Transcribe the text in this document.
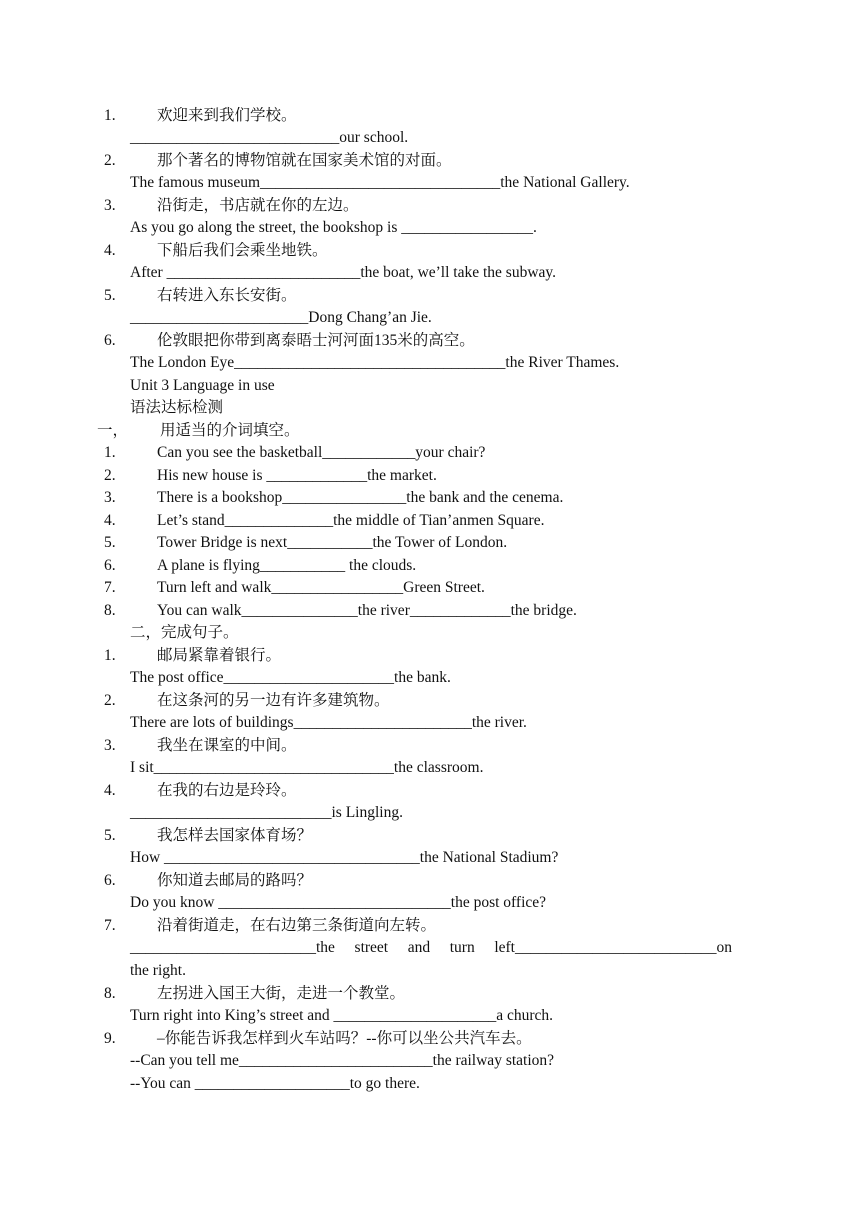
1.	欢迎来到我们学校。
___________________________our school.
2.	那个著名的博物馆就在国家美术馆的对面。
The famous museum_______________________________the National Gallery.
3.	沿街走，书店就在你的左边。
As you go along the street, the bookshop is _________________.
4.	下船后我们会乘坐地铁。
After _________________________the boat, we’ll take the subway.
5.	右转进入东长安街。
_______________________Dong Chang’an Jie.
6.	伦敦眼把你带到离泰晤士河河面135米的高空。
The London Eye___________________________________the River Thames.
Unit 3 Language in use
语法达标检测
一， 用适当的介词填空。
1.	Can you see the basketball____________your chair?
2.	His new house is _____________the market.
3.	There is a bookshop________________the bank and the cenema.
4.	Let’s stand______________the middle of Tian’anmen Square.
5.	Tower Bridge is next___________the Tower of London.
6.	A plane is flying___________ the clouds.
7.	Turn left and walk_________________Green Street.
8.	You can walk_______________the river_____________the bridge.
二，完成句子。
1.	邮局紧靠着银行。
The post office______________________the bank.
2.	在这条河的另一边有许多建筑物。
There are lots of buildings_______________________the river.
3.	我坐在课室的中间。
I sit_______________________________the classroom.
4.	在我的右边是玲玲。
__________________________is Lingling.
5.	我怎样去国家体育场？
How _________________________________the National Stadium?
6.	你知道去邮局的路吗？
Do you know ______________________________the post office?
7.	沿着街道走，在右边第三条街道向左转。
________________________the street and turn left__________________________on
the right.
8.	左拐进入国王大街，走进一个教堂。
Turn right into King’s street and _____________________a church.
9.	–你能告诉我怎样到火车站吗？--你可以坐公共汽车去。
--Can you tell me_________________________the railway station?
--You can ____________________to go there.
